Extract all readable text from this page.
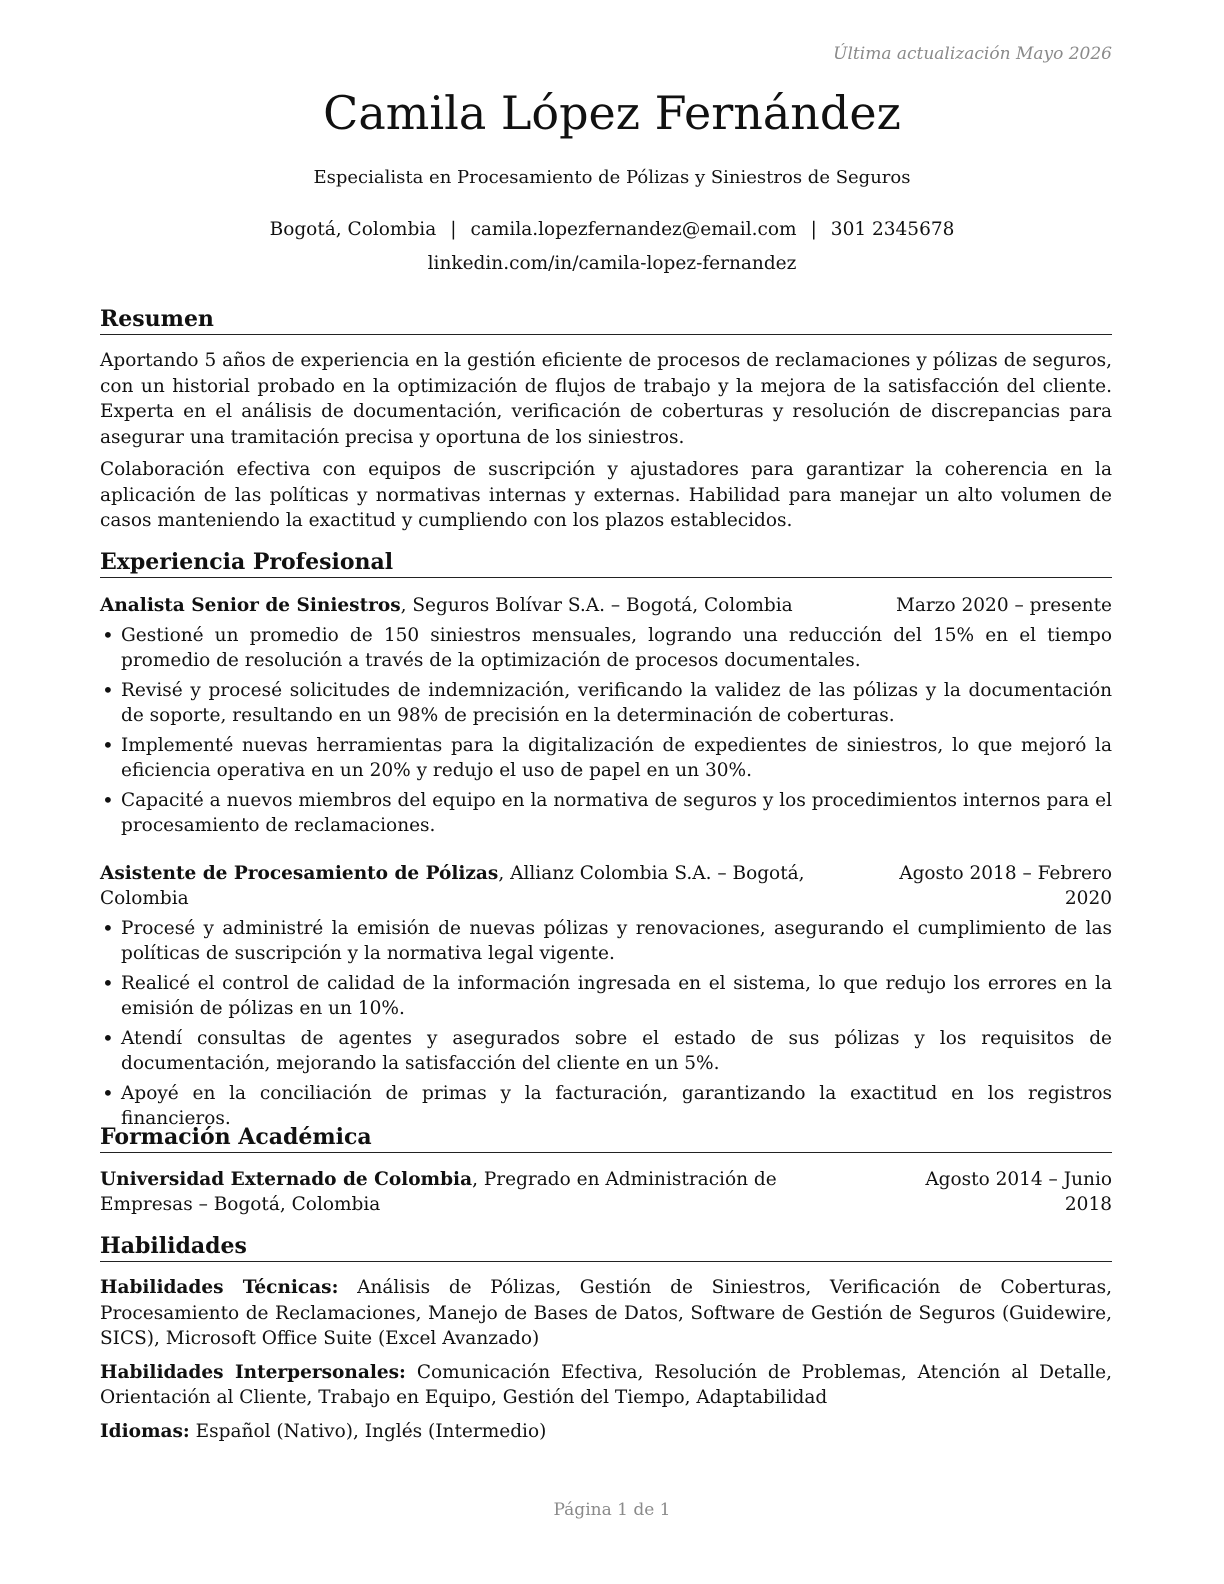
Última actualización Mayo 2026
Camila López Fernández
Especialista en Procesamiento de Pólizas y Siniestros de Seguros
Bogotá, Colombia | camila.lopezfernandez@email.com | 301 2345678
linkedin.com/in/camila-lopez-fernandez
Resumen

Aportando 5 años de experiencia en la gestión eficiente de procesos de reclamaciones y pólizas de seguros, con un historial probado en la optimización de flujos de trabajo y la mejora de la satisfacción del cliente. Experta en el análisis de documentación, verificación de coberturas y resolución de discrepancias para asegurar una tramitación precisa y oportuna de los siniestros.

Colaboración efectiva con equipos de suscripción y ajustadores para garantizar la coherencia en la aplicación de las políticas y normativas internas y externas. Habilidad para manejar un alto volumen de casos manteniendo la exactitud y cumpliendo con los plazos establecidos.

Experiencia Profesional
Analista Senior de Siniestros, Seguros Bolívar S.A. – Bogotá, Colombia	Marzo 2020 – presente
• Gestioné un promedio de 150 siniestros mensuales, logrando una reducción del 15% en el tiempo promedio de resolución a través de la optimización de procesos documentales.
• Revisé y procesé solicitudes de indemnización, verificando la validez de las pólizas y la documentación de soporte, resultando en un 98% de precisión en la determinación de coberturas.
• Implementé nuevas herramientas para la digitalización de expedientes de siniestros, lo que mejoró la eficiencia operativa en un 20% y redujo el uso de papel en un 30%.
• Capacité a nuevos miembros del equipo en la normativa de seguros y los procedimientos internos para el procesamiento de reclamaciones.
Asistente de Procesamiento de Pólizas, Allianz Colombia S.A. – Bogotá, Colombia
Agosto 2018 – Febrero 2020
• Procesé y administré la emisión de nuevas pólizas y renovaciones, asegurando el cumplimiento de las políticas de suscripción y la normativa legal vigente.
• Realicé el control de calidad de la información ingresada en el sistema, lo que redujo los errores en la emisión de pólizas en un 10%.
• Atendí consultas de agentes y asegurados sobre el estado de sus pólizas y los requisitos de documentación, mejorando la satisfacción del cliente en un 5%.
• Apoyé en la conciliación de primas y la facturación, garantizando la exactitud en los registros financieros.
Formación Académica
Universidad Externado de Colombia, Pregrado en Administración de Empresas – Bogotá, Colombia
Agosto 2014 – Junio 2018
Habilidades

Habilidades Técnicas: Análisis de Pólizas, Gestión de Siniestros, Verificación de Coberturas, Procesamiento de Reclamaciones, Manejo de Bases de Datos, Software de Gestión de Seguros (Guidewire, SICS), Microsoft Office Suite (Excel Avanzado)

Habilidades Interpersonales: Comunicación Efectiva, Resolución de Problemas, Atención al Detalle, Orientación al Cliente, Trabajo en Equipo, Gestión del Tiempo, Adaptabilidad

Idiomas: Español (Nativo), Inglés (Intermedio)

Página 1 de 1
